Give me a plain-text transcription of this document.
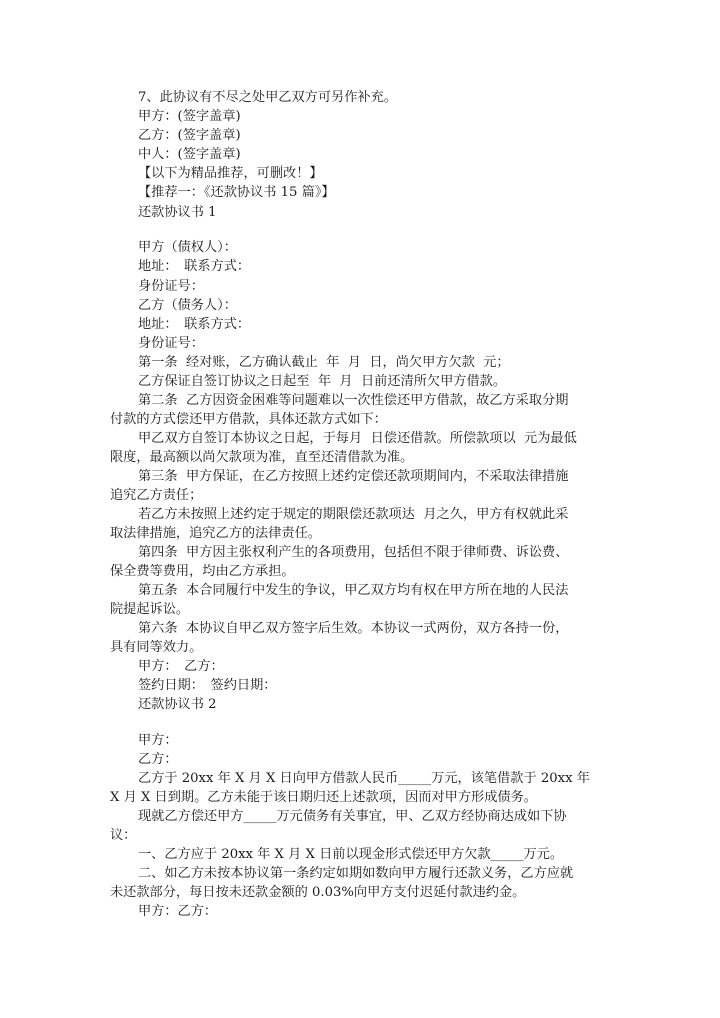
7、此协议有不尽之处甲乙双方可另作补充。
甲方：(签字盖章)
乙方：(签字盖章)
中人：(签字盖章)
【以下为精品推荐，可删改！】
【推荐一：《还款协议书 15 篇》】
还款协议书 1
甲方（债权人）：
地址：　联系方式：
身份证号：
乙方（债务人）：
地址：　联系方式：
身份证号：
第一条  经对账，乙方确认截止  年  月  日，尚欠甲方欠款  元；
乙方保证自签订协议之日起至  年  月  日前还清所欠甲方借款。
第二条  乙方因资金困难等问题难以一次性偿还甲方借款，故乙方采取分期
付款的方式偿还甲方借款，具体还款方式如下：
甲乙双方自签订本协议之日起，于每月  日偿还借款。所偿款项以  元为最低
限度，最高额以尚欠款项为准，直至还清借款为准。
第三条  甲方保证，在乙方按照上述约定偿还款项期间内，不采取法律措施
追究乙方责任；
若乙方未按照上述约定于规定的期限偿还款项达  月之久，甲方有权就此采
取法律措施，追究乙方的法律责任。
第四条  甲方因主张权利产生的各项费用，包括但不限于律师费、诉讼费、
保全费等费用，均由乙方承担。
第五条  本合同履行中发生的争议，甲乙双方均有权在甲方所在地的人民法
院提起诉讼。
第六条  本协议自甲乙双方签字后生效。本协议一式两份，双方各持一份，
具有同等效力。
甲方：　乙方：
签约日期：　签约日期：
还款协议书 2
甲方：
乙方：
乙方于 20xx 年 X 月 X 日向甲方借款人民币_____万元，该笔借款于 20xx 年
X 月 X 日到期。乙方未能于该日期归还上述款项，因而对甲方形成债务。
现就乙方偿还甲方_____万元债务有关事宜，甲、乙双方经协商达成如下协
议：
一、乙方应于 20xx 年 X 月 X 日前以现金形式偿还甲方欠款_____万元。
二、如乙方未按本协议第一条约定如期如数向甲方履行还款义务，乙方应就
未还款部分，每日按未还款金额的 0.03%向甲方支付迟延付款违约金。
甲方：乙方：
